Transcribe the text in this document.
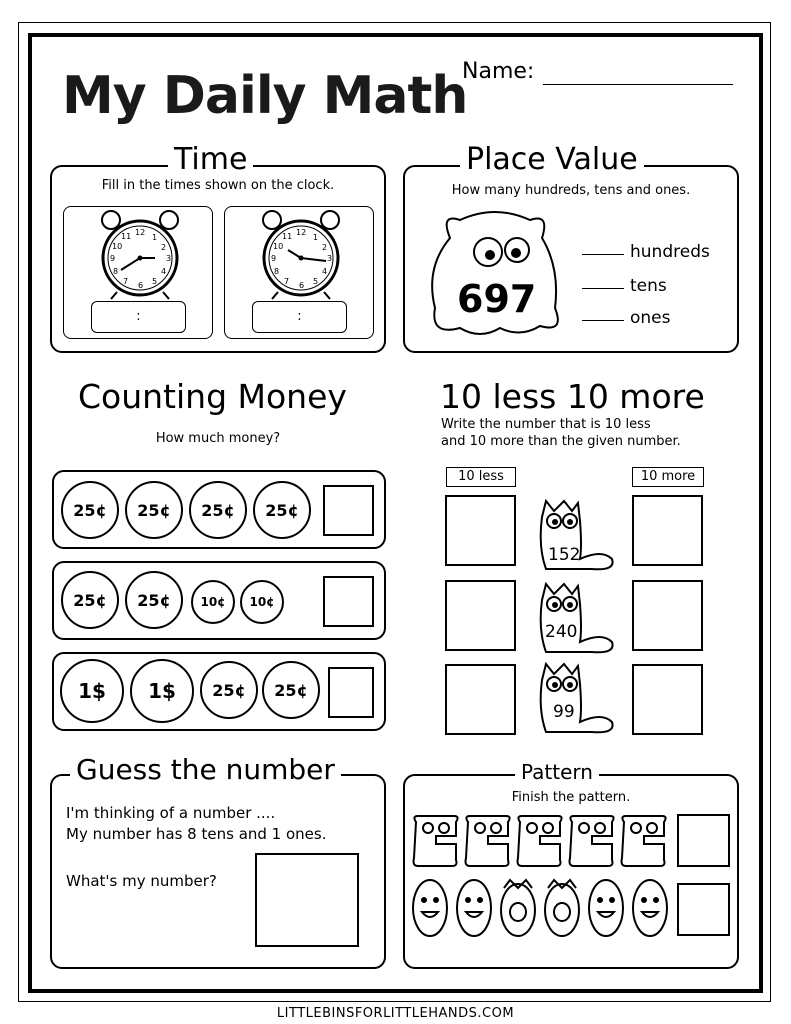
My Daily Math
Name:
Time
Fill in the times shown on the clock.
12
1
2
3
4
5
6
7
8
9
10
11	12
1
2
3
4
5
6
7
8
9
10
11
:	:
Place Value
How many hundreds, tens and ones.
697
hundreds
tens
ones
Counting Money
How much money?
25¢	25¢	25¢	25¢
25¢	25¢	10¢	10¢
1$	1$	25¢	25¢
10 less 10 more
Write the number that is 10 less
and 10 more than the given number.
10 less	10 more
152
240
99
Guess the number
I'm thinking of a number ....
My number has 8 tens and 1 ones.
What's my number?
Pattern
Finish the pattern.
LITTLEBINSFORLITTLEHANDS.COM
